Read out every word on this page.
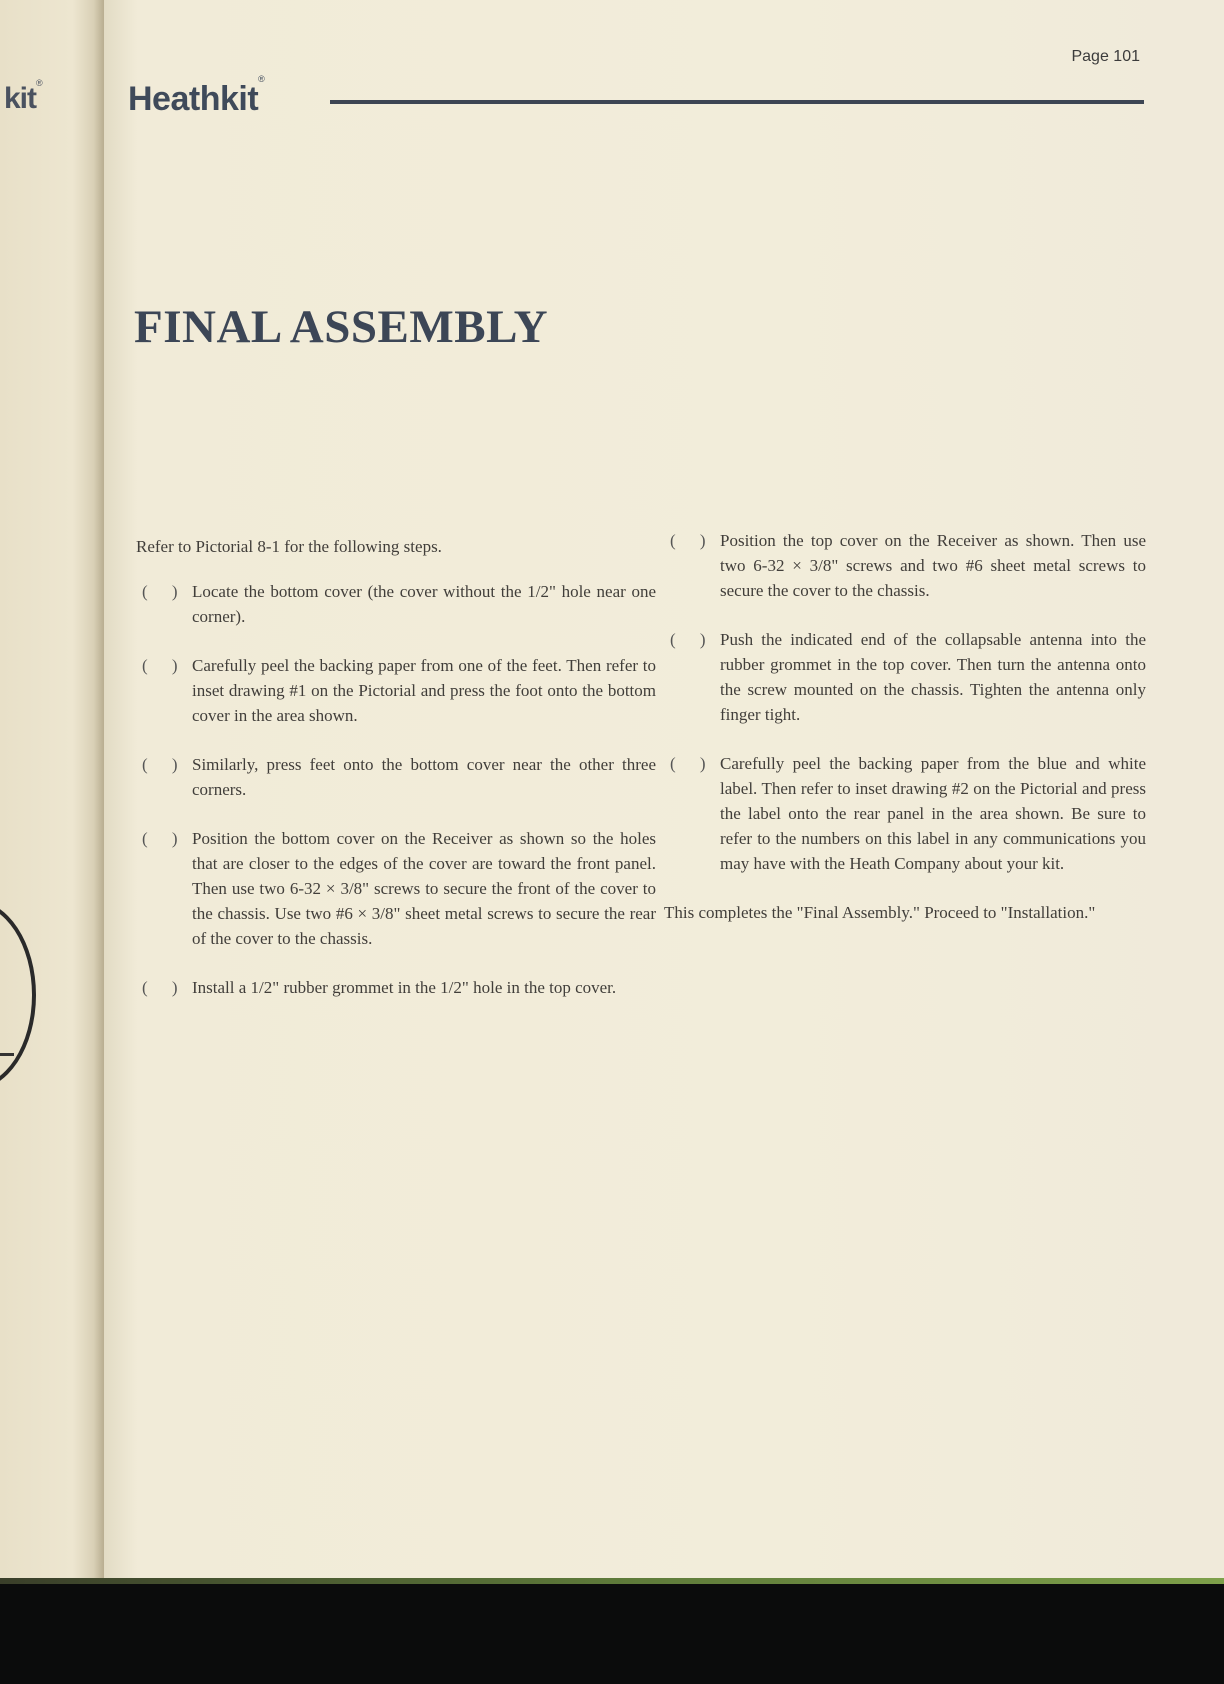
kit®
Page 101
Heathkit®
FINAL ASSEMBLY

Refer to Pictorial 8-1 for the following steps.

( ) Locate the bottom cover (the cover without the 1/2" hole near one corner).
( ) Carefully peel the backing paper from one of the feet. Then refer to inset drawing #1 on the Pictorial and press the foot onto the bottom cover in the area shown.
( ) Similarly, press feet onto the bottom cover near the other three corners.
( ) Position the bottom cover on the Receiver as shown so the holes that are closer to the edges of the cover are toward the front panel. Then use two 6-32 × 3/8" screws to secure the front of the cover to the chassis. Use two #6 × 3/8" sheet metal screws to secure the rear of the cover to the chassis.
( ) Install a 1/2" rubber grommet in the 1/2" hole in the top cover.
( ) Position the top cover on the Receiver as shown. Then use two 6-32 × 3/8" screws and two #6 sheet metal screws to secure the cover to the chassis.
( ) Push the indicated end of the collapsable antenna into the rubber grommet in the top cover. Then turn the antenna onto the screw mounted on the chassis. Tighten the antenna only finger tight.
( ) Carefully peel the backing paper from the blue and white label. Then refer to inset drawing #2 on the Pictorial and press the label onto the rear panel in the area shown. Be sure to refer to the numbers on this label in any communications you may have with the Heath Company about your kit.

This completes the "Final Assembly." Proceed to "Installation."
